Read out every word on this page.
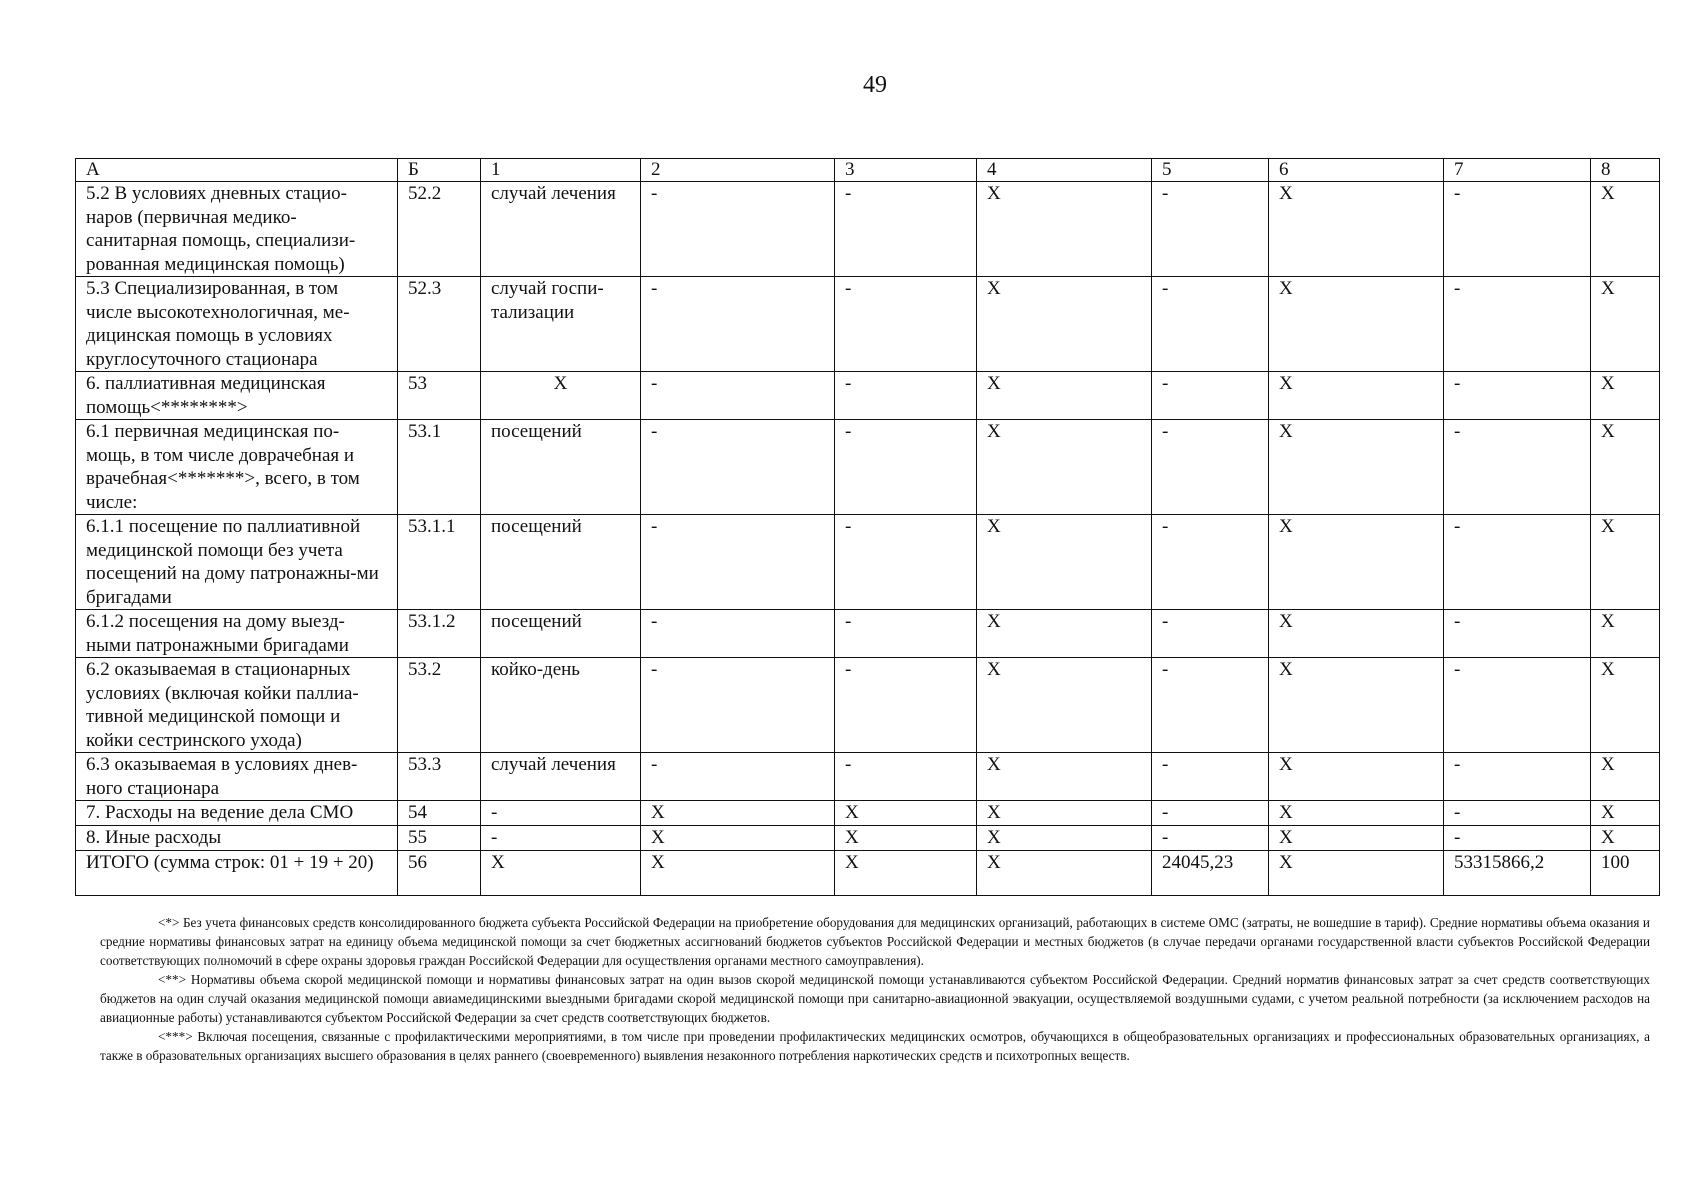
49
А	Б	1	2	3	4	5	6	7	8
5.2 В условиях дневных стацио-наров (первичная медико-санитарная помощь, специализи-рованная медицинская помощь)	52.2	случай лечения	-	-	Х	-	Х	-	Х
5.3 Специализированная, в том числе высокотехнологичная, ме-дицинская помощь в условиях круглосуточного стационара	52.3	случай госпи-тализации	-	-	Х	-	Х	-	Х
6. паллиативная медицинская помощь<********>	53	Х	-	-	Х	-	Х	-	Х
6.1 первичная медицинская по-мощь, в том числе доврачебная и врачебная<*******>, всего, в том числе:	53.1	посещений	-	-	Х	-	Х	-	Х
6.1.1 посещение по паллиативной медицинской помощи без учета посещений на дому патронажны-ми бригадами	53.1.1	посещений	-	-	Х	-	Х	-	Х
6.1.2 посещения на дому выезд-ными патронажными бригадами	53.1.2	посещений	-	-	Х	-	Х	-	Х
6.2 оказываемая в стационарных условиях (включая койки паллиа-тивной медицинской помощи и койки сестринского ухода)	53.2	койко-день	-	-	Х	-	Х	-	Х
6.3 оказываемая в условиях днев-ного стационара	53.3	случай лечения	-	-	Х	-	Х	-	Х
7. Расходы на ведение дела СМО	54	-	Х	Х	Х	-	Х	-	Х
8. Иные расходы	55	-	Х	Х	Х	-	Х	-	Х
ИТОГО (сумма строк: 01 + 19 + 20)	56	Х	Х	Х	Х	24045,23	Х	53315866,2	100

<*> Без учета финансовых средств консолидированного бюджета субъекта Российской Федерации на приобретение оборудования для медицинских организаций, работающих в системе ОМС (затраты, не вошедшие в тариф). Средние нормативы объема оказания и средние нормативы финансовых затрат на единицу объема медицинской помощи за счет бюджетных ассигнований бюджетов субъектов Российской Федерации и местных бюджетов (в случае передачи органами государственной власти субъектов Российской Федерации соответствующих полномочий в сфере охраны здоровья граждан Российской Федерации для осуществления органами местного самоуправления).

<**> Нормативы объема скорой медицинской помощи и нормативы финансовых затрат на один вызов скорой медицинской помощи устанавливаются субъектом Российской Федерации. Средний норматив финансовых затрат за счет средств соответствующих бюджетов на один случай оказания медицинской помощи авиамедицинскими выездными бригадами скорой медицинской помощи при санитарно-авиационной эвакуации, осуществляемой воздушными судами, с учетом реальной потребности (за исключением расходов на авиационные работы) устанавливаются субъектом Российской Федерации за счет средств соответствующих бюджетов.

<***> Включая посещения, связанные с профилактическими мероприятиями, в том числе при проведении профилактических медицинских осмотров, обучающихся в общеобразовательных организациях и профессиональных образовательных организациях, а также в образовательных организациях высшего образования в целях раннего (своевременного) выявления незаконного потребления наркотических средств и психотропных веществ.
